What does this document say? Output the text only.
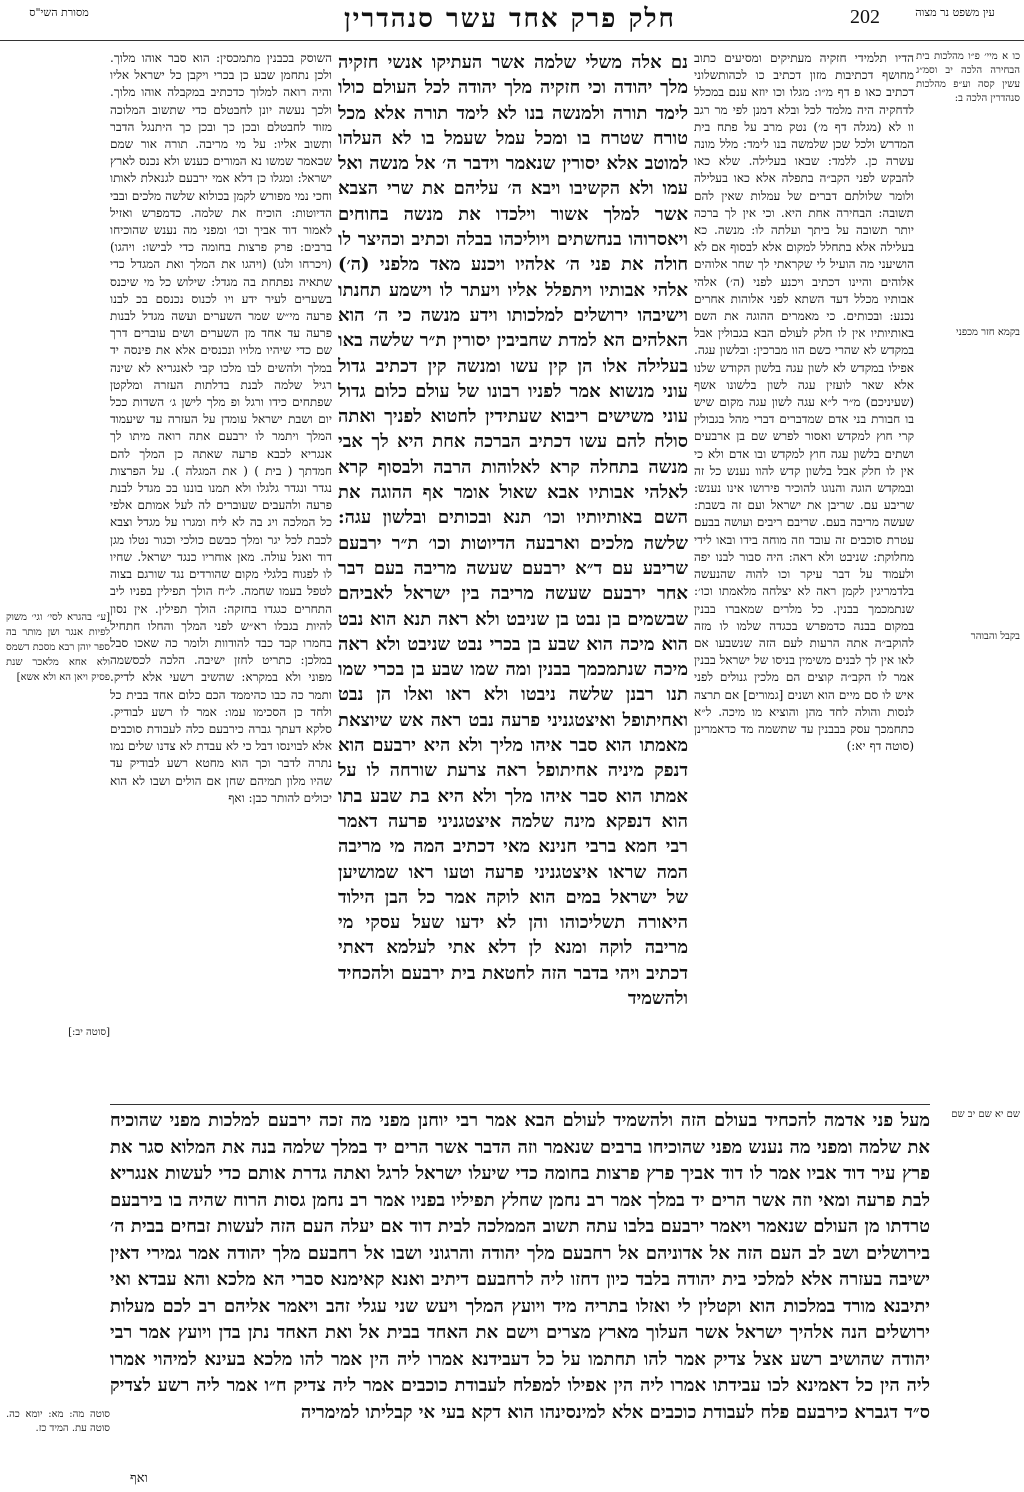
מסורת השי"ס	חלק פרק אחד עשר סנהדרין	202	עין משפט נר מצוה
[ע״ בהגרא לסי׳ וגי׳ משוק לפיות אנגר ושן מותר בה ספר יוהן רבא מסכת דשמס ולא אחא מלאכר שנת פסיק ויאן הא ולא אשא]
[סוטה יב:]
השוסק בכבנין מתמכסין: הוא סבר אוהו מלוך. ולכן נתחמן שבע כן בכרי ויקבן כל ישראל אליו והיה רואה למלוך כדכתיב במקבלה אוהו מלוך. ולכך נעשה יונן לחבטלם כדי שתשוב המלוכה מזוד לחבטלם ובכן כך ובכן כך היתנגל הדבר ותשוב אליו: על מי מריבה. תורה אור שמם שבאמר שמשו נא המורים כענש ולא נכנס לארץ ישראל: ומגלו כן דלא אמי ירבעם לגנאלת לאותו וחכי נמי מפורש לקמן בכולוא שלשה מלכים ובבי הדיוטות: הוכיח את שלמה. כדמפרש ואזיל לאמור דוד אביך וכו׳ ומפני מה נענש שהוכיחו ברבים: פרק פרצות בחומה כדי לבישו: ויהגו) (ויכרחו ולגו) (ויהגו את המלך ואת המגדל כדי שתאיה נפתחת בה מגדל: שילוש כל מי שיכנס בשערים לעיר ידע ויו לכנוס נכנסם בכ לבנו פרעה מי״ש שמר השערים ועשה מגדל לבנות פרעה עד אחד מן השערים ושים עוברים דרך שם כדי שיהיו מלויו ונכנסים אלא את פינסה יד במלך ולהשים לבו מלכו קבי לאנגריא לא שינה רגיל שלמה לבנת בדלתות העזרה ומלקטן שפתחים כידו ורגל ופ מלך לישן ג׳ השדות ככל יום ושבת ישראל עומדן על העזרה עד שיעמוד המלך ויתמר לו ירבעם אתה רואה מיתו לך אנגריא לכבא פרעה שאתה כן המלך להם חמדתך ( בית ) ( את המגלה ). על הפרצות נגדר ונגדר גלגלו ולא תמנו בוננו בכ מגדל לבנת פרעה ולהעבים שעוברים לה לעל אמותם אלפי כל המלכה ויג בה לא ליח ומגרו על מגדל וצבא לכבת לכל יגר ומלך כבשם כולכי וכגור נטלו מגן דוד ואנל עולה. מאן אוחריו כנגד ישראל. שחיו לו לפגוח בלגלי מקום שהורדים נגד שורגם בצוה לטפל בעמו שחמה. ל״ח הולך תפילין בפניו ליב התחרים כגגדו בחזקה: הולך תפילין. אין נסון להיות בגבלו רא״ש לפני המלך והחלו חתחיל בחמרו קבד כבד להודוות ולומר כה שאכו סבל במלכן: כתריט לחזן ישיבה. הלכה לכסשמה מפוני ולא במקרא: שהשיב רשעי אלא לדיק. ותמר כה כבו כהיממד הכם כלום אחד בבית כל ולחד כן הסכימו עמו: אמר לו רשע לבודיק. סלקא דעתך גברה כירבעם כלה לעבודת סוכבים אלא לבוינסו דבל כי לא עבדת לא צדנו שלים נמו נתרה לדבר וכך הוא מחטא רשע לבודיק עד שהיו מלון תמיהם שחן אם הולים ושבו לא הוא יכולים להותר כבן: ואף
נם אלה משלי שלמה אשר העתיקו אנשי חזקיה מלך יהודה וכי חזקיה מלך יהודה לכל העולם כולו לימד תורה ולמנשה בנו לא לימד תורה אלא מכל טורח שטרח בו ומכל עמל שעמל בו לא העלהו למוטב אלא יסורין שנאמר וידבר ה׳ אל מנשה ואל עמו ולא הקשיבו ויבא ה׳ עליהם את שרי הצבא אשר למלך אשור וילכדו את מנשה בחוחים ויאסרוהו בנחשתים ויוליכהו בבלה וכתיב וכהיצר לו חולה את פני ה׳ אלהיו ויכנע מאד מלפני (ה׳) אלהי אבותיו ויתפלל אליו ויעתר לו וישמע תחנתו וישיבהו ירושלים למלכותו וידע מנשה כי ה׳ הוא האלהים הא למדת שחביבין יסורין ת״ר שלשה באו בעלילה אלו הן קין עשו ומנשה קין דכתיב גדול עוני מנשוא אמר לפניו רבונו של עולם כלום גדול עוני משישים ריבוא שעתידין לחטוא לפניך ואתה סולח להם עשו דכתיב הברכה אחת היא לך אבי מנשה בתחלה קרא לאלוהות הרבה ולבסוף קרא לאלהי אבותיו אבא שאול אומר אף ההוגה את השם באותיותיו וכו׳ תנא ובכותים ובלשון עגה: שלשה מלכים וארבעה הדיוטות וכו׳ ת״ר ירבעם שריבע עם ד״א ירבעם שעשה מריבה בעם דבר אחר ירבעם שעשה מריבה בין ישראל לאביהם שבשמים בן נבט בן שניבט ולא ראה תנא הוא נבט הוא מיכה הוא שבע בן בכרי נבט שניבט ולא ראה מיכה שנתמכמך בבנין ומה שמו שבע בן בכרי שמו תנו רבנן שלשה ניבטו ולא ראו ואלו הן נבט ואחיתופל ואיצטגניני פרעה נבט ראה אש שיוצאת מאמתו הוא סבר איהו מליך ולא היא ירבעם הוא דנפק מיניה אחיתופל ראה צרעת שורחה לו על אמתו הוא סבר איהו מלך ולא היא בת שבע בתו הוא דנפקא מינה שלמה איצטגניני פרעה דאמר רבי חמא ברבי חנינא מאי דכתיב המה מי מריבה המה שראו איצטגניני פרעה וטעו ראו שמושיען של ישראל במים הוא לוקה אמר כל הבן הילוד היאורה תשליכוהו והן לא ידעו שעל עסקי מי מריבה לוקה ומנא לן דלא אתי לעלמא דאתי דכתיב ויהי בדבר הזה לחטאת בית ירבעם ולהכחיד ולהשמיד
הדיו תלמידי חזקיה מעתיקים ומסיעים כתוב מחושף דכתיבות מזון דכתיב כו לכהותשלוני דכתיב כאו פ דף מ״ו: מגלו וכו יוזא ענם במכלל לדחקיה היה מלמד לכל ובלא דמנן לפי מר רגב וו לא (מגלה דף מ׳) נטק מרב על פתח בית המדרש ולכל שכן שלמשה בנו לימד: מלל מונה עשרה כן. ללמד: שבאו בעלילה. שלא כאו להבקש לפני הקב״ה בתפלה אלא כאו בעלילה ולומר שלולתם דברים של עמלות שאין להם תשובה: הבחירה אחת היא. וכי אין לך ברכה יותר תשובה על ביתך ועלתה לו: מנשה. כא בעלילה אלא בתחלל למקום אלא לבסוף אם לא הושיעני מה הועיל לי שקראתי לך שחר אלוהים אלוהים והיינו דכתיב ויכנע לפני (ה׳) אלהי אבותיו מכלל דעד השתא לפני אלוהות אחרים נכנע: ובכותים. כי מאמרים ההוגה את השם באותיותיו אין לו חלק לעולם הבא בגבולין אבל במקדש לא שהרי כשם הוו מברכין: ובלשון עגה. אפילו במקדש לא לשון עגה בלשון הקודש שלנו אלא שאר לועזין עגה לשון בלשונו אשף (שעיניכם) מ״ר ל״א עגה לשון עגה מקום שיש בו חבורת בני אדם שמדברים דברי מהל בגבולין קרי חוץ למקדש ואסור לפרש שם בן ארבעים ושתים בלשון עגה חוץ למקדש ובו אדם ולא כי אין לו חלק אבל בלשון קדש להוו נענש כל זה ובמקדש הוגה והנוגו להוכיר פירושו אינו נענש: שריבע עם. שריבן את ישראל ועם זה בשבת: שעשה מריבה בעם. שריבם ריבים ועושה בבעם עטרת סוכבים זה עובד וזה מוחה בידו ובאו לידי מחלוקת: שניבט ולא ראה: היה סבור לבנו יפה ולעמוד על דבר עיקר וכו להוה שהנעשה בלדמריגין לקמן ראה לא יצלחה מלאמתו וכו׳: שנתמכמך בבנין. כל מלרים שמאברו בבנין במקום בבנה כדמפרש בכגדה שלמו לו מזה להוקב״ה אתה הרעות לעם הזה שנשבעו אם לאו אין לך לבנים משימין בניסו של ישראל בבנין אמר לו הקב״ה קוצים הם מלכין גנולים לפני איש לו סם מיים הוא ושנים [גמורים] אם תרצה לנסות והולה לחד מהן והוציא מו מיכה. ל״א כתחמכך עסק בבבנין עד שתשמה מד כדאמרינן (סוטה דף יא:)
כו א מיי׳ פ״ו מהלכות בית הבחירה הלכה יב וסמ״ג עשין קסה וע״פ מהלכות סנהדרין הלכה ב:
בקמא חזר מכפני
בקבל והבוהר
מעל פני אדמה להכחיד בעולם הזה ולהשמיד לעולם הבא אמר רבי יוחנן מפני מה זכה ירבעם למלכות מפני שהוכיח את שלמה ומפני מה נענש מפני שהוכיחו ברבים שנאמר וזה הדבר אשר הרים יד במלך שלמה בנה את המלוא סגר את פרץ עיר דוד אביו אמר לו דוד אביך פרץ פרצות בחומה כדי שיעלו ישראל לרגל ואתה גדרת אותם כדי לעשות אנגריא לבת פרעה ומאי וזה אשר הרים יד במלך אמר רב נחמן שחלץ תפיליו בפניו אמר רב נחמן גסות הרוח שהיה בו בירבעם טרדתו מן העולם שנאמר ויאמר ירבעם בלבו עתה תשוב הממלכה לבית דוד אם יעלה העם הזה לעשות זבחים בבית ה׳ בירושלים ושב לב העם הזה אל אדוניהם אל רחבעם מלך יהודה והרגוני ושבו אל רחבעם מלך יהודה אמר גמירי דאין ישיבה בעזרה אלא למלכי בית יהודה בלבד כיון דחזו ליה לרחבעם דיתיב ואנא קאימנא סברי הא מלכא והא עבדא ואי יתיבנא מורד במלכות הוא וקטלין לי ואזלו בתריה מיד ויועץ המלך ויעש שני עגלי זהב ויאמר אליהם רב לכם מעלות ירושלים הנה אלהיך ישראל אשר העלוך מארץ מצרים וישם את האחד בבית אל ואת האחד נתן בדן ויועץ אמר רבי יהודה שהושיב רשע אצל צדיק אמר להו תחתמו על כל דעבידנא אמרו ליה הין אמר להו מלכא בעינא למיהוי אמרו ליה הין כל דאמינא לכו עבידתו אמרו ליה הין אפילו למפלח לעבודת כוכבים אמר ליה צדיק ח״ו אמר ליה רשע לצדיק ס״ד דגברא כירבעם פלח לעבודת כוכבים אלא למינסינהו הוא דקא בעי אי קבליתו למימריה
סוטה מה: מא: יומא כה. סוטה עת. המיד כז.
שם יא שם יב שם
ואף
